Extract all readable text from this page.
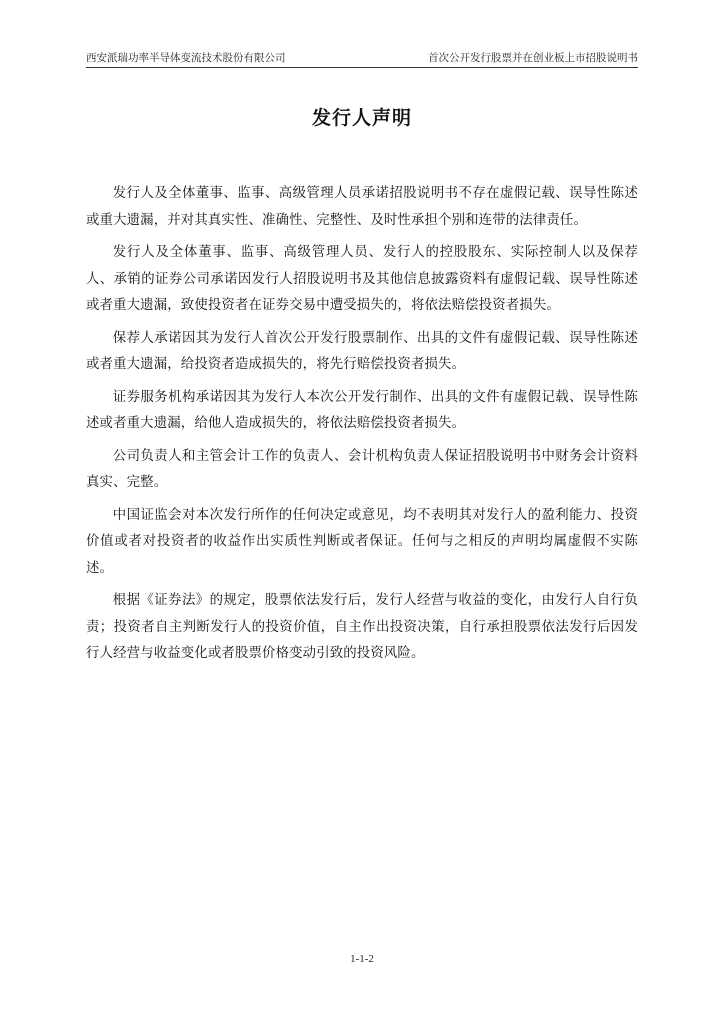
西安派瑞功率半导体变流技术股份有限公司	首次公开发行股票并在创业板上市招股说明书
发行人声明

发行人及全体董事、监事、高级管理人员承诺招股说明书不存在虚假记载、误导性陈述或重大遗漏，并对其真实性、准确性、完整性、及时性承担个别和连带的法律责任。

发行人及全体董事、监事、高级管理人员、发行人的控股股东、实际控制人以及保荐人、承销的证券公司承诺因发行人招股说明书及其他信息披露资料有虚假记载、误导性陈述或者重大遗漏，致使投资者在证券交易中遭受损失的，将依法赔偿投资者损失。

保荐人承诺因其为发行人首次公开发行股票制作、出具的文件有虚假记载、误导性陈述或者重大遗漏，给投资者造成损失的，将先行赔偿投资者损失。

证券服务机构承诺因其为发行人本次公开发行制作、出具的文件有虚假记载、误导性陈述或者重大遗漏，给他人造成损失的，将依法赔偿投资者损失。

公司负责人和主管会计工作的负责人、会计机构负责人保证招股说明书中财务会计资料真实、完整。

中国证监会对本次发行所作的任何决定或意见，均不表明其对发行人的盈利能力、投资价值或者对投资者的收益作出实质性判断或者保证。任何与之相反的声明均属虚假不实陈述。

根据《证券法》的规定，股票依法发行后，发行人经营与收益的变化，由发行人自行负责；投资者自主判断发行人的投资价值，自主作出投资决策，自行承担股票依法发行后因发行人经营与收益变化或者股票价格变动引致的投资风险。

1-1-2
